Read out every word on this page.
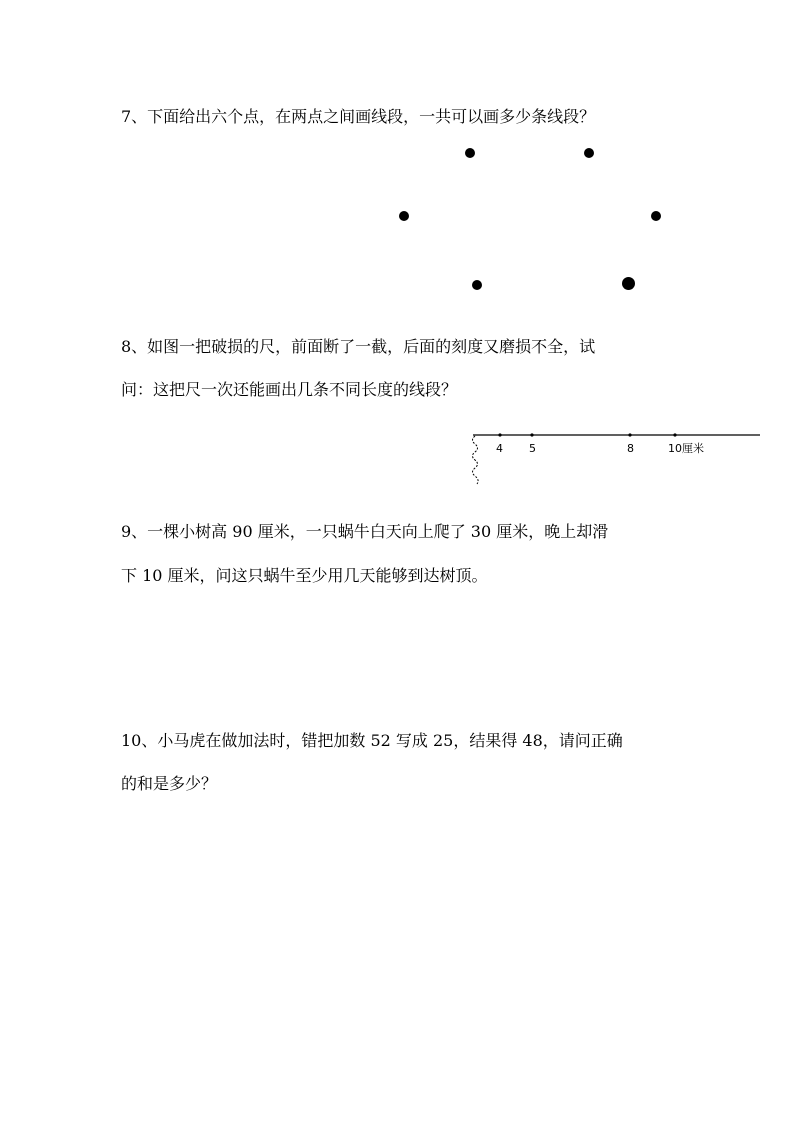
7、下面给出六个点，在两点之间画线段，一共可以画多少条线段？
8、如图一把破损的尺，前面断了一截，后面的刻度又磨损不全，试
问：这把尺一次还能画出几条不同长度的线段？
4 5	8	10厘米
9、一棵小树高 90 厘米，一只蜗牛白天向上爬了 30 厘米，晚上却滑
下 10 厘米，问这只蜗牛至少用几天能够到达树顶。
10、小马虎在做加法时，错把加数 52 写成 25，结果得 48，请问正确
的和是多少？
